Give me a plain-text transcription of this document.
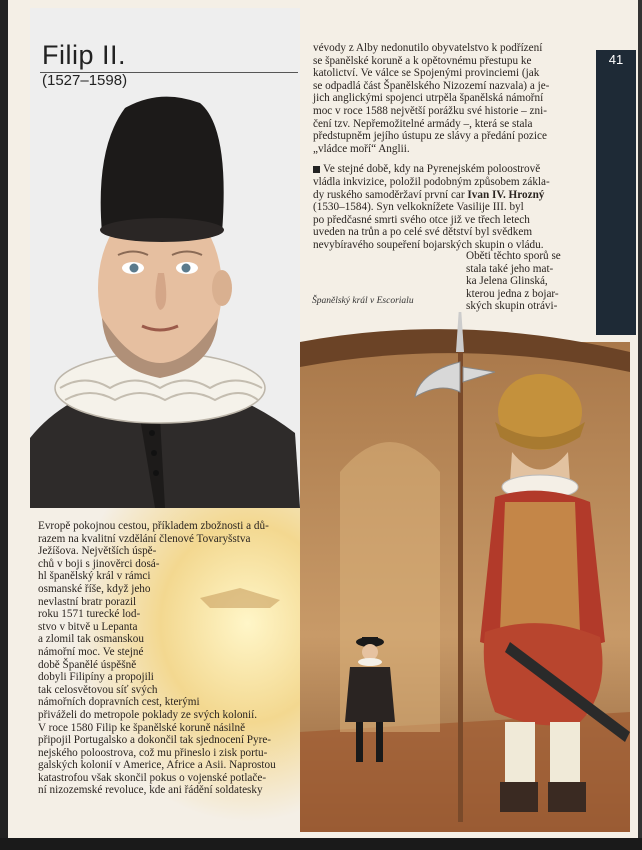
Filip II.
(1527–1598)
41

vévody z Alby nedonutilo obyvatelstvo k podřízení

se španělské koruně a k opětovnému přestupu ke

katolictví. Ve válce se Spojenými provinciemi (jak

se odpadlá část Španělského Nizozemí nazvala) a je-

jich anglickými spojenci utrpěla španělská námořní

moc v roce 1588 největší porážku své historie – zni-

čení tzv. Nepřemožitelné armády –, která se stala

předstupněm jejího ústupu ze slávy a předání pozice

„vládce moří“ Anglii.

Ve stejné době, kdy na Pyrenejském poloostrově

vládla inkvizice, položil podobným způsobem zákla-

dy ruského samoděržaví první car Ivan IV. Hrozný

(1530–1584). Syn velkoknížete Vasilije III. byl

po předčasné smrti svého otce již ve třech letech

uveden na trůn a po celé své dětství byl svědkem

nevybíravého soupeření bojarských skupin o vládu.

Oběti těchto sporů se

stala také jeho mat-

ka Jelena Glinská,

kterou jedna z bojar-

ských skupin otrávi-

Španělský král v Escorialu

Evropě pokojnou cestou, příkladem zbožnosti a dů-

razem na kvalitní vzdělání členové Tovaryšstva

Ježíšova. Největších úspě-

chů v boji s jinověrci dosá-

hl španělský král v rámci

osmanské říše, když jeho

nevlastní bratr porazil

roku 1571 turecké lod-

stvo v bitvě u Lepanta

a zlomil tak osmanskou

námořní moc. Ve stejné

době Španělé úspěšně

dobyli Filipíny a propojili

tak celosvětovou síť svých

námořních dopravních cest, kterými

přiváželi do metropole poklady ze svých kolonií.

V roce 1580 Filip ke španělské koruně násilně

připojil Portugalsko a dokončil tak sjednocení Pyre-

nejského poloostrova, což mu přineslo i zisk portu-

galských kolonií v Americe, Africe a Asii. Naprostou

katastrofou však skončil pokus o vojenské potlače-

ní nizozemské revoluce, kde ani řádění soldatesky
